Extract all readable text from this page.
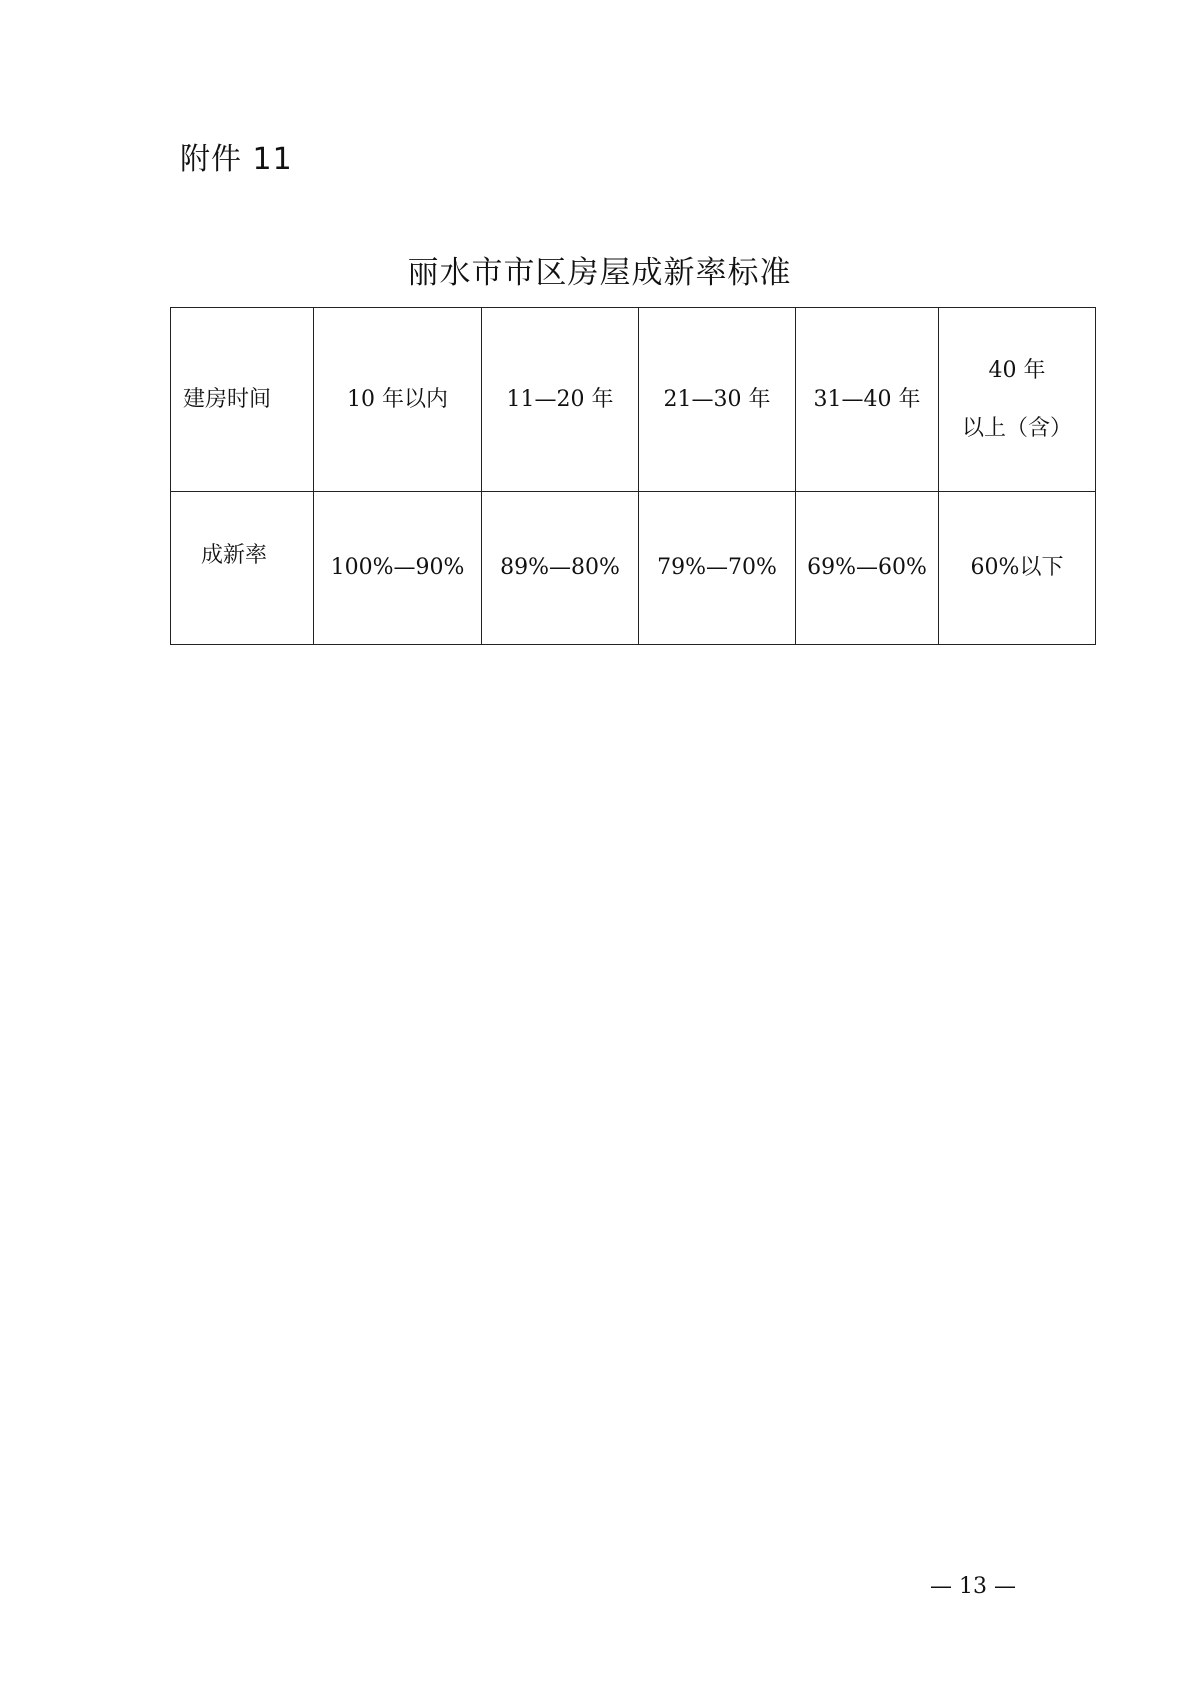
附件 11
丽水市市区房屋成新率标准
建房时间	10 年以内	11—20 年	21—30 年	31—40 年	40 年
以上（含）

成新率	100%—90%	89%—80%	79%—70%	69%—60%	60%以下
— 13 —
